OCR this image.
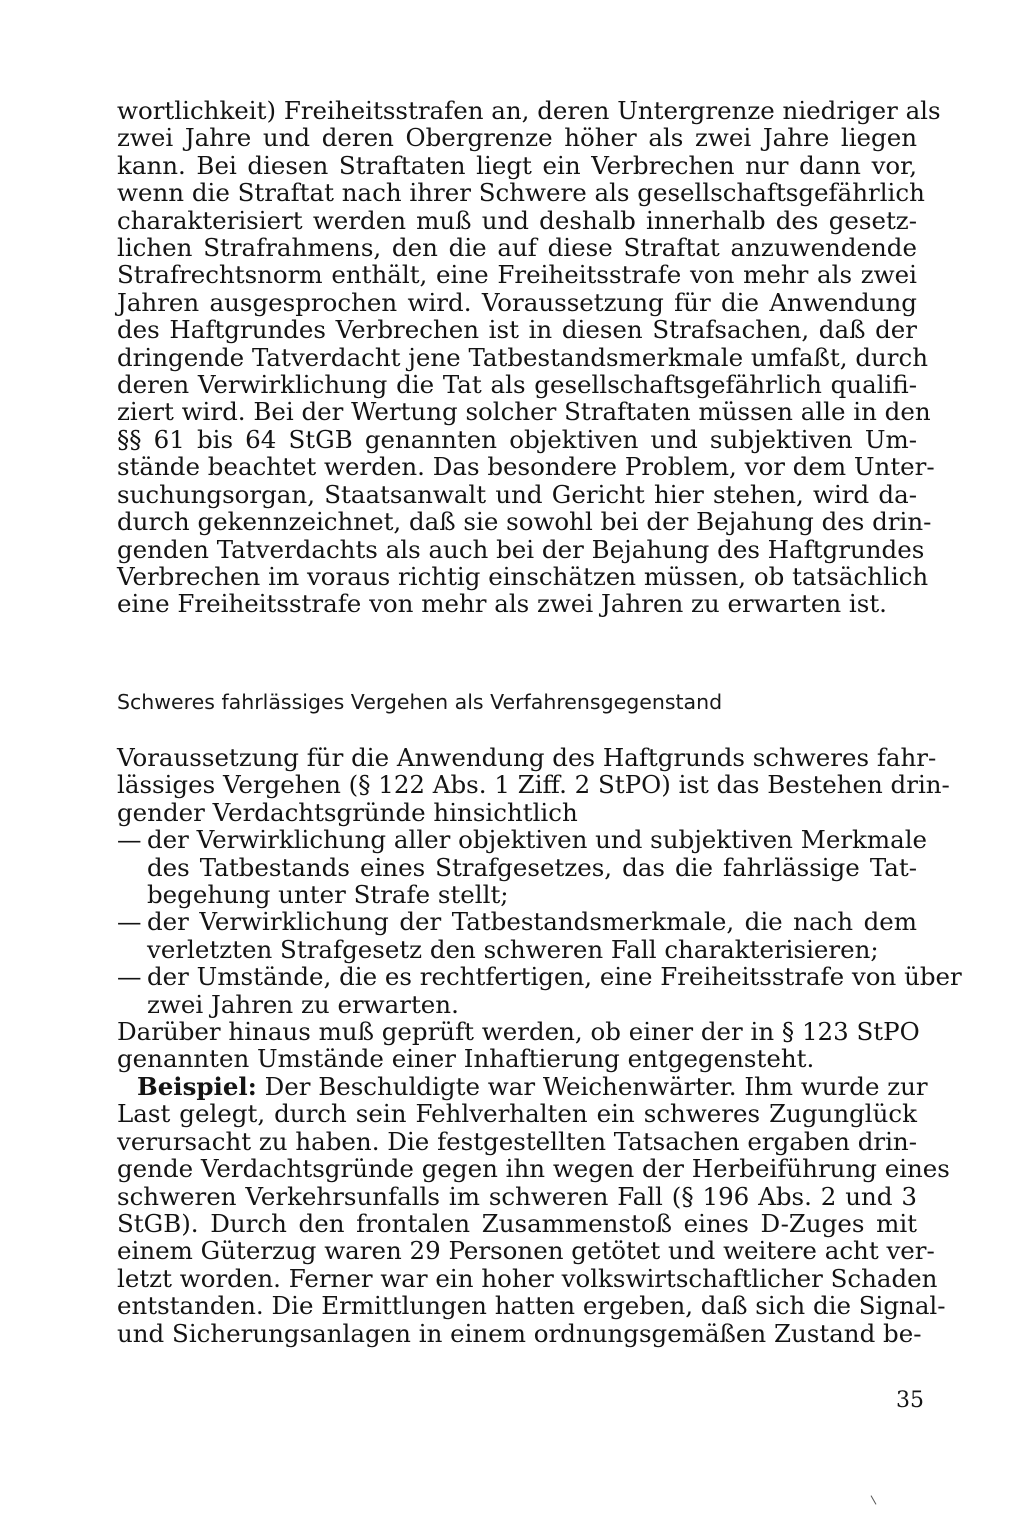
wortlichkeit) Freiheitsstrafen an, deren Untergrenze niedriger als
zwei Jahre und deren Obergrenze höher als zwei Jahre liegen
kann. Bei diesen Straftaten liegt ein Verbrechen nur dann vor,
wenn die Straftat nach ihrer Schwere als gesellschaftsgefährlich
charakterisiert werden muß und deshalb innerhalb des gesetz-
lichen Strafrahmens, den die auf diese Straftat anzuwendende
Strafrechtsnorm enthält, eine Freiheitsstrafe von mehr als zwei
Jahren ausgesprochen wird. Voraussetzung für die Anwendung
des Haftgrundes Verbrechen ist in diesen Strafsachen, daß der
dringende Tatverdacht jene Tatbestandsmerkmale umfaßt, durch
deren Verwirklichung die Tat als gesellschaftsgefährlich qualifi-
ziert wird. Bei der Wertung solcher Straftaten müssen alle in den
§§ 61 bis 64 StGB genannten objektiven und subjektiven Um-
stände beachtet werden. Das besondere Problem, vor dem Unter-
suchungsorgan, Staatsanwalt und Gericht hier stehen, wird da-
durch gekennzeichnet, daß sie sowohl bei der Bejahung des drin-
genden Tatverdachts als auch bei der Bejahung des Haftgrundes
Verbrechen im voraus richtig einschätzen müssen, ob tatsächlich
eine Freiheitsstrafe von mehr als zwei Jahren zu erwarten ist.
Schweres fahrlässiges Vergehen als Verfahrensgegenstand
Voraussetzung für die Anwendung des Haftgrunds schweres fahr-
lässiges Vergehen (§ 122 Abs. 1 Ziff. 2 StPO) ist das Bestehen drin-
gender Verdachtsgründe hinsichtlich
— der Verwirklichung aller objektiven und subjektiven Merkmale
des Tatbestands eines Strafgesetzes, das die fahrlässige Tat-
begehung unter Strafe stellt;
— der Verwirklichung der Tatbestandsmerkmale, die nach dem
verletzten Strafgesetz den schweren Fall charakterisieren;
— der Umstände, die es rechtfertigen, eine Freiheitsstrafe von über
zwei Jahren zu erwarten.
Darüber hinaus muß geprüft werden, ob einer der in § 123 StPO
genannten Umstände einer Inhaftierung entgegensteht.
Beispiel: Der Beschuldigte war Weichenwärter. Ihm wurde zur
Last gelegt, durch sein Fehlverhalten ein schweres Zugunglück
verursacht zu haben. Die festgestellten Tatsachen ergaben drin-
gende Verdachtsgründe gegen ihn wegen der Herbeiführung eines
schweren Verkehrsunfalls im schweren Fall (§ 196 Abs. 2 und 3
StGB). Durch den frontalen Zusammenstoß eines D-Zuges mit
einem Güterzug waren 29 Personen getötet und weitere acht ver-
letzt worden. Ferner war ein hoher volkswirtschaftlicher Schaden
entstanden. Die Ermittlungen hatten ergeben, daß sich die Signal-
und Sicherungsanlagen in einem ordnungsgemäßen Zustand be-
35
